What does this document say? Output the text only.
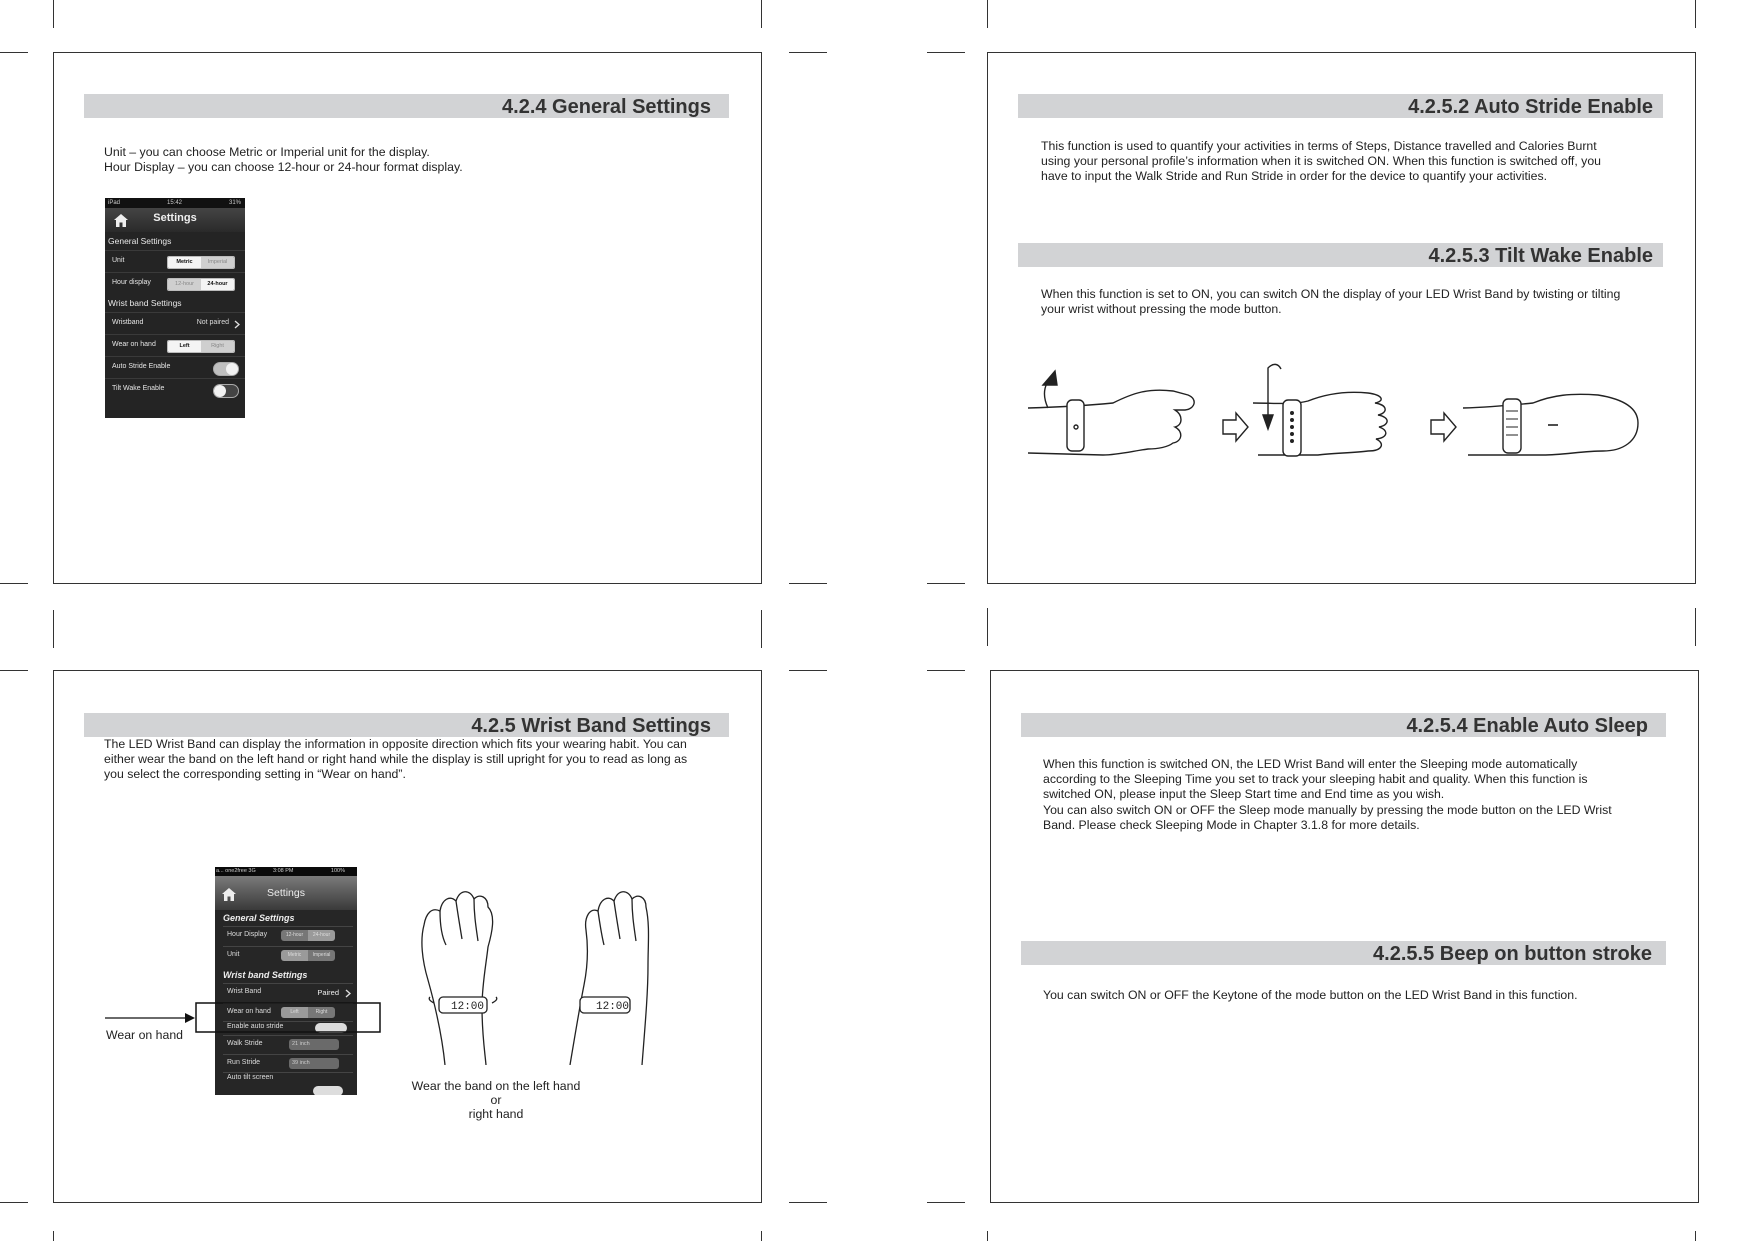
4.2.4 General Settings

Unit – you can choose Metric or Imperial unit for the display.

Hour Display – you can choose 12-hour or 24-hour format display.

iPad	15:42	31%
Settings
General Settings
Unit	Metric	Imperial
Hour display	12-hour	24-hour
Wrist band Settings
Wristband	Not paired
Wear on hand	Left	Right
Auto Stride Enable
Tilt Wake Enable
4.2.5.2 Auto Stride Enable

This function is used to quantify your activities in terms of Steps, Distance travelled and Calories Burnt

using your personal profile’s information when it is switched ON. When this function is switched off, you

have to input the Walk Stride and Run Stride in order for the device to quantify your activities.

4.2.5.3 Tilt Wake Enable

When this function is set to ON, you can switch ON the display of your LED Wrist Band by twisting or tilting

your wrist without pressing the mode button.

4.2.5 Wrist Band Settings

The LED Wrist Band can display the information in opposite direction which fits your wearing habit. You can

either wear the band on the left hand or right hand while the display is still upright for you to read as long as

you select the corresponding setting in “Wear on hand”.

Wear on hand
Wear the band on the left hand or
right hand
a... one2free 3G	3:08 PM	100%
Settings
General Settings
Hour Display	12-hour	24-hour
Unit	Metric	Imperial
Wrist band Settings
Wrist Band	Paired
Wear on hand	Left	Right
Enable auto stride
Walk Stride	21 inch
Run Stride	39 inch
Auto tilt screen
12:00	12:00
4.2.5.4 Enable Auto Sleep

When this function is switched ON, the LED Wrist Band will enter the Sleeping mode automatically

according to the Sleeping Time you set to track your sleeping habit and quality. When this function is

switched ON, please input the Sleep Start time and End time as you wish.

You can also switch ON or OFF the Sleep mode manually by pressing the mode button on the LED Wrist

Band. Please check Sleeping Mode in Chapter 3.1.8 for more details.

4.2.5.5 Beep on button stroke

You can switch ON or OFF the Keytone of the mode button on the LED Wrist Band in this function.
